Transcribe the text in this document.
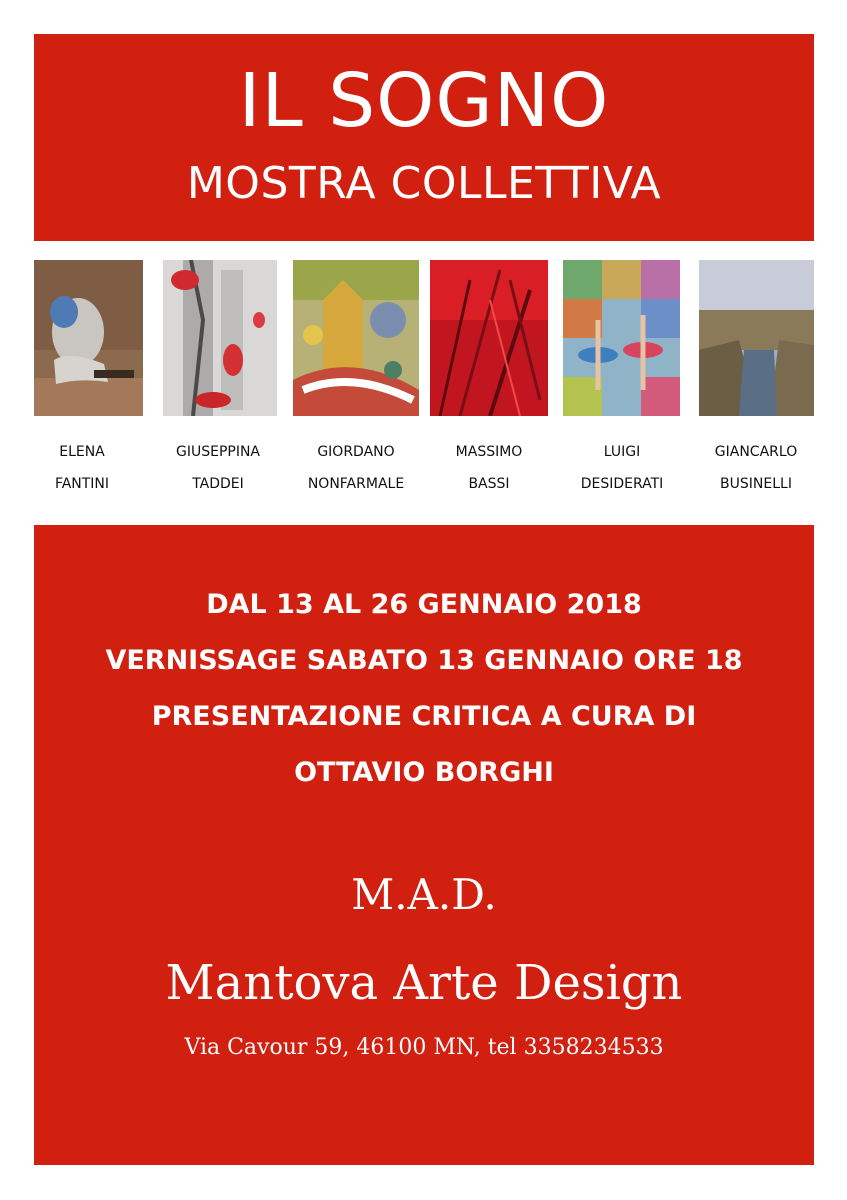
IL SOGNO
MOSTRA COLLETTIVA
ELENA
FANTINI
GIUSEPPINA
TADDEI
GIORDANO
NONFARMALE
MASSIMO
BASSI
LUIGI
DESIDERATI
GIANCARLO
BUSINELLI
DAL 13 AL 26 GENNAIO 2018
VERNISSAGE SABATO 13 GENNAIO ORE 18
PRESENTAZIONE CRITICA A CURA DI
OTTAVIO BORGHI
M.A.D.
Mantova Arte Design
Via Cavour 59, 46100 MN, tel 3358234533
